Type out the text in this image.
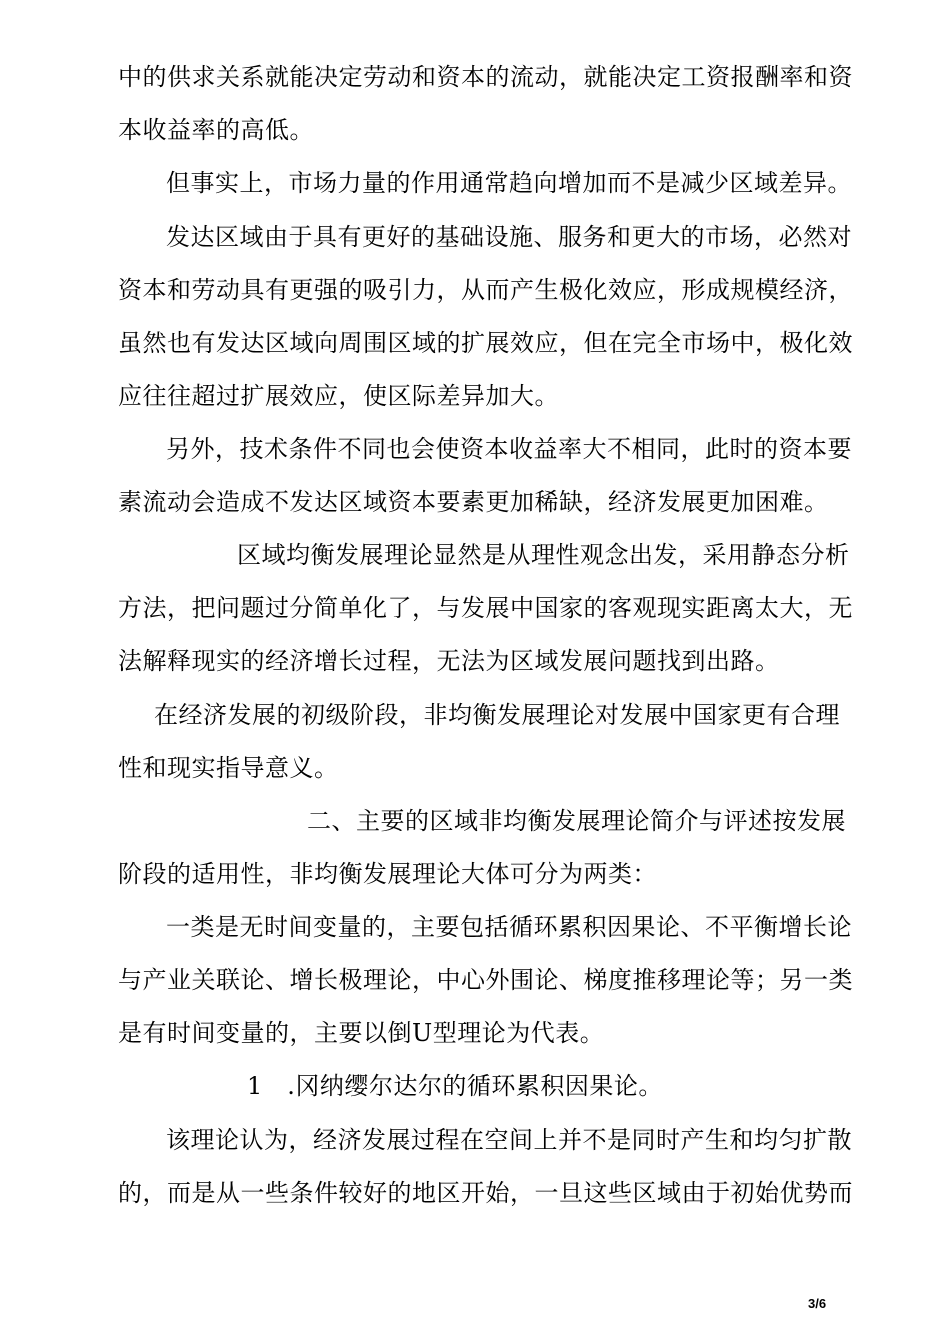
中的供求关系就能决定劳动和资本的流动，就能决定工资报酬率和资
本收益率的高低。
但事实上，市场力量的作用通常趋向增加而不是减少区域差异。
发达区域由于具有更好的基础设施、服务和更大的市场，必然对
资本和劳动具有更强的吸引力，从而产生极化效应，形成规模经济，
虽然也有发达区域向周围区域的扩展效应，但在完全市场中，极化效
应往往超过扩展效应，使区际差异加大。
另外，技术条件不同也会使资本收益率大不相同，此时的资本要
素流动会造成不发达区域资本要素更加稀缺，经济发展更加困难。
区域均衡发展理论显然是从理性观念出发，采用静态分析
方法，把问题过分简单化了，与发展中国家的客观现实距离太大，无
法解释现实的经济增长过程，无法为区域发展问题找到出路。
在经济发展的初级阶段，非均衡发展理论对发展中国家更有合理
性和现实指导意义。
二、主要的区域非均衡发展理论简介与评述按发展
阶段的适用性，非均衡发展理论大体可分为两类：
一类是无时间变量的，主要包括循环累积因果论、不平衡增长论
与产业关联论、增长极理论，中心外围论、梯度推移理论等；另一类
是有时间变量的，主要以倒U型理论为代表。
1　.冈纳缨尔达尔的循环累积因果论。
该理论认为，经济发展过程在空间上并不是同时产生和均匀扩散
的，而是从一些条件较好的地区开始，一旦这些区域由于初始优势而
3/6
